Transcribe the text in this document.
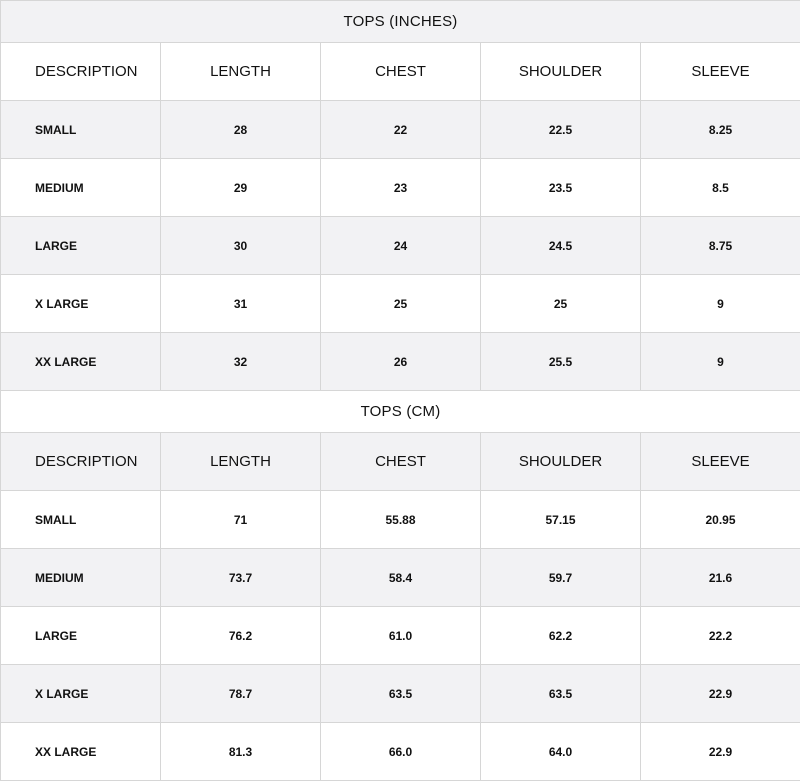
TOPS (INCHES)				
DESCRIPTION	LENGTH	CHEST	SHOULDER	SLEEVE
SMALL	28	22	22.5	8.25
MEDIUM	29	23	23.5	8.5
LARGE	30	24	24.5	8.75
X LARGE	31	25	25	9
XX LARGE	32	26	25.5	9
TOPS (CM)				
DESCRIPTION	LENGTH	CHEST	SHOULDER	SLEEVE
SMALL	71	55.88	57.15	20.95
MEDIUM	73.7	58.4	59.7	21.6
LARGE	76.2	61.0	62.2	22.2
X LARGE	78.7	63.5	63.5	22.9
XX LARGE	81.3	66.0	64.0	22.9
